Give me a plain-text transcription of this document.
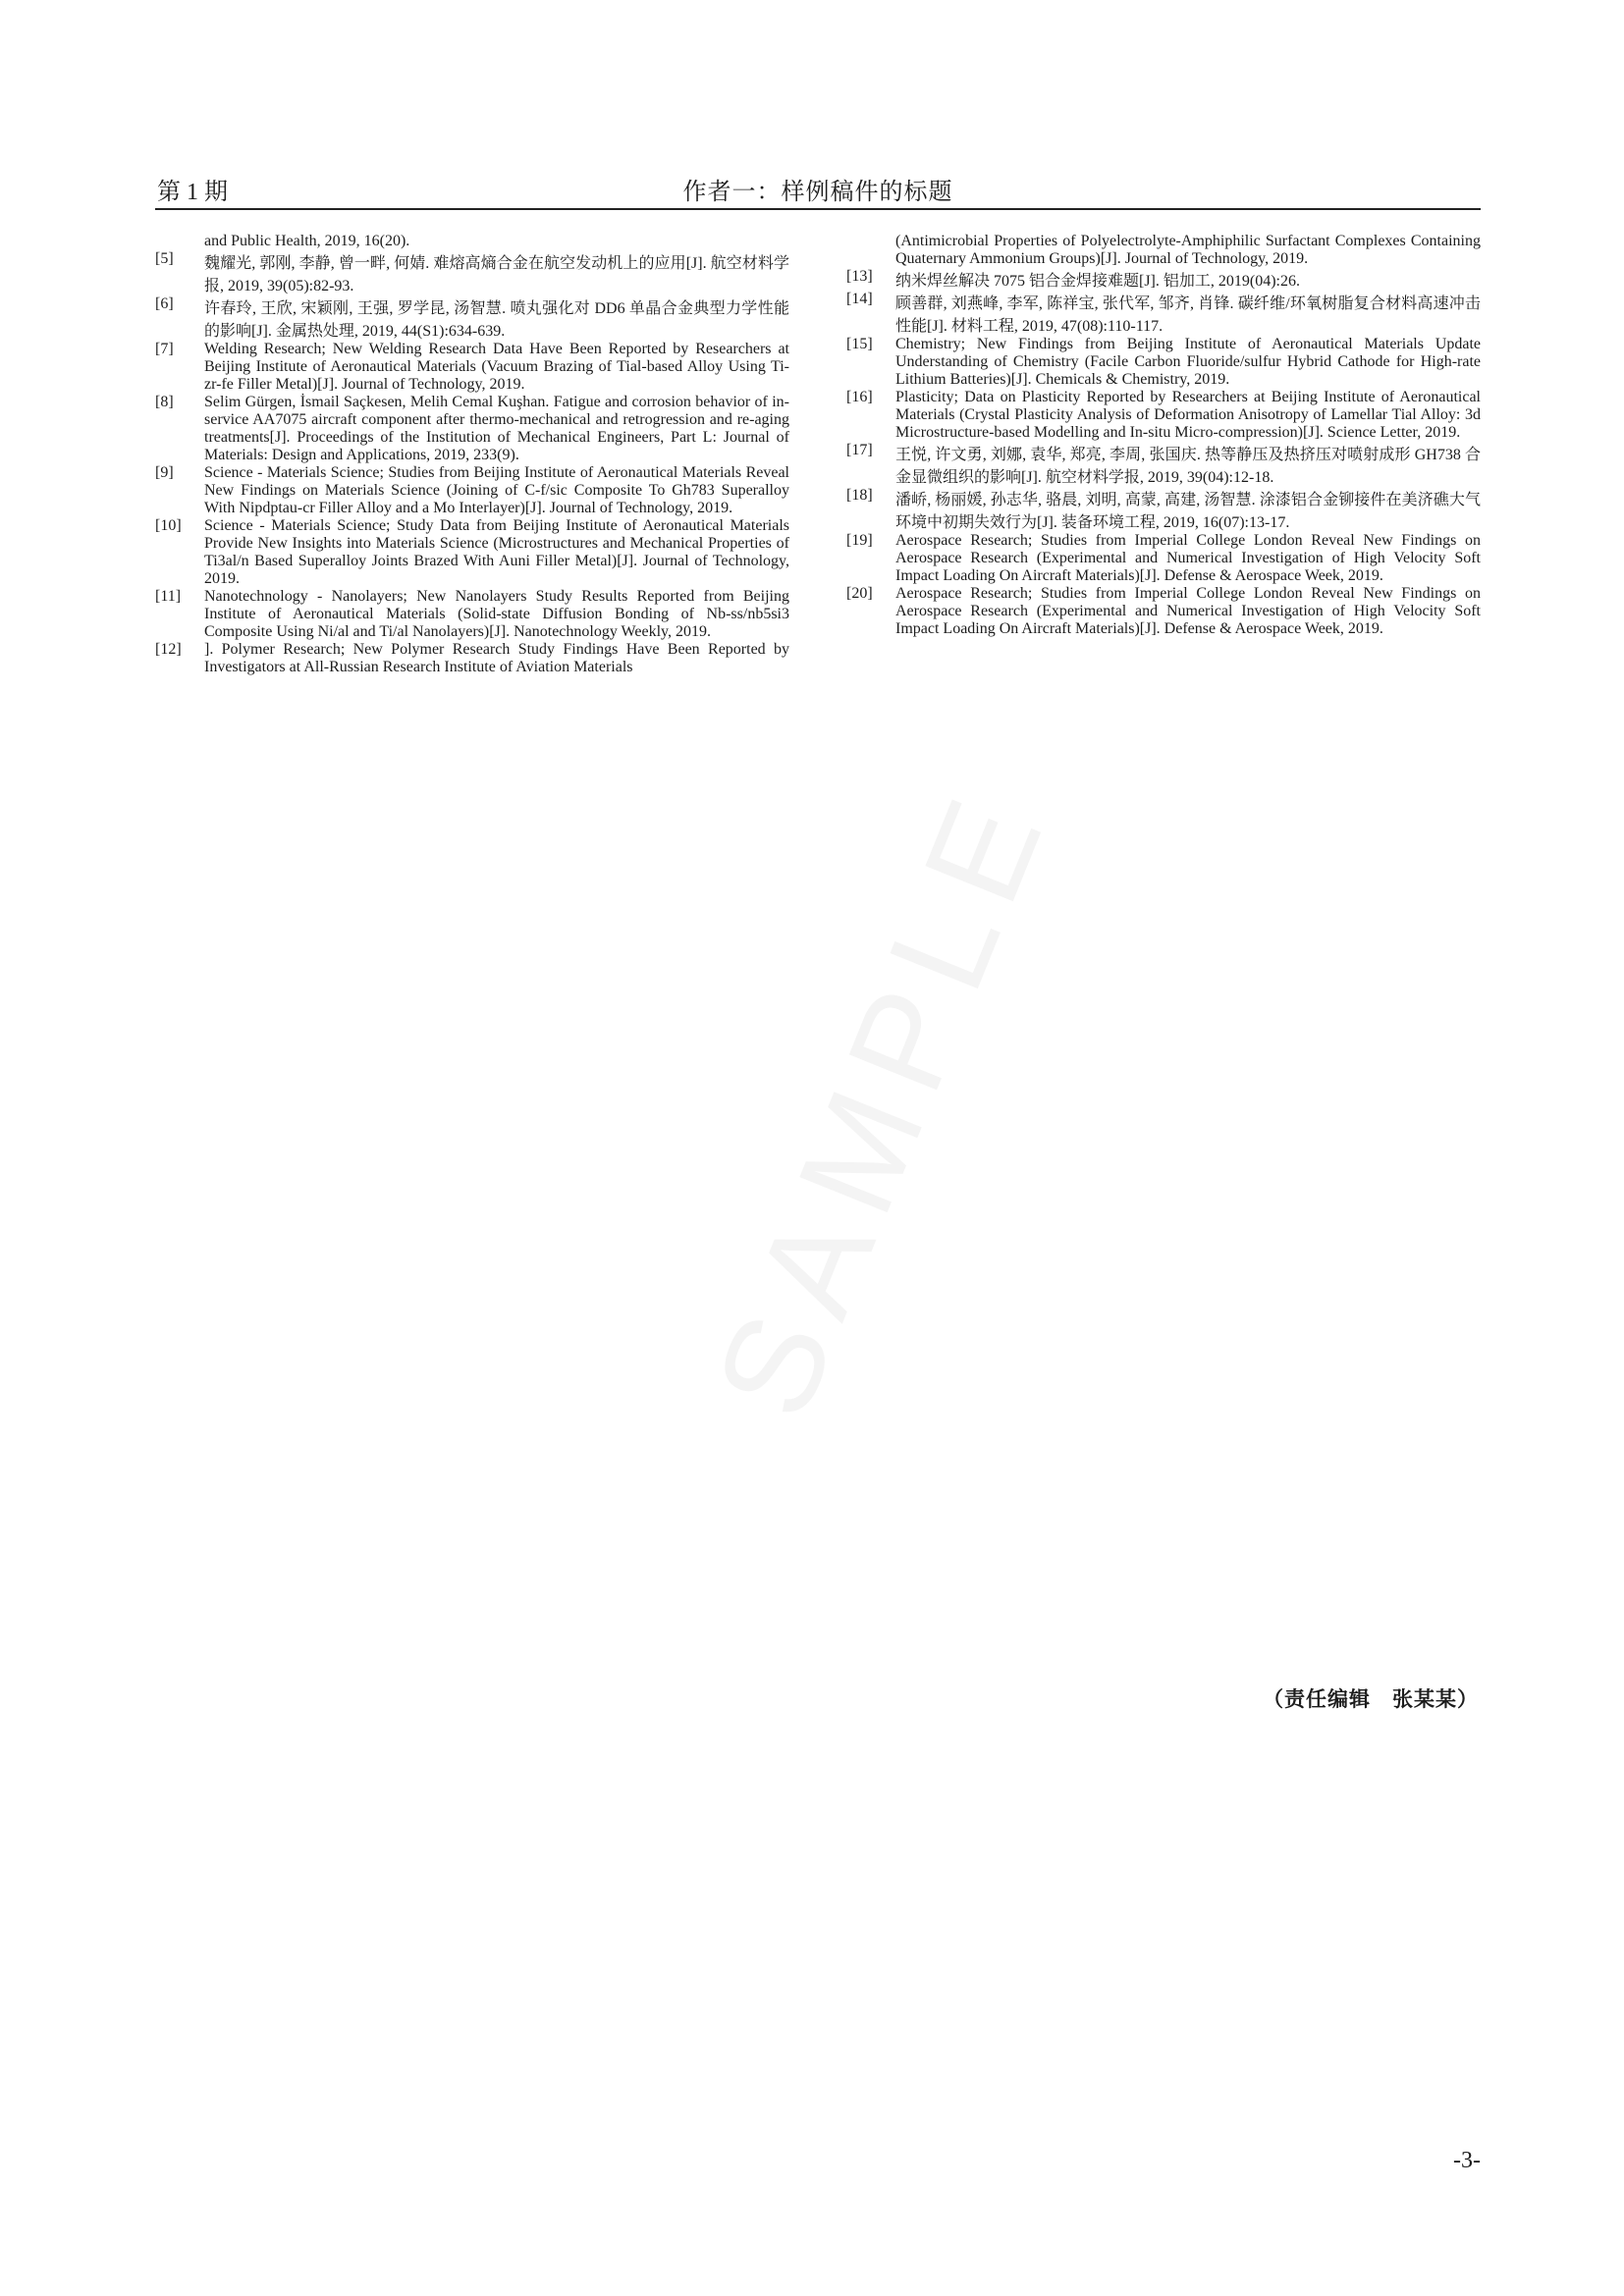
第 1 期	作者一：样例稿件的标题
and Public Health, 2019, 16(20).
[5] 魏耀光, 郭刚, 李静, 曾一畔, 何婧. 难熔高熵合金在航空发动机上的应用[J]. 航空材料学报, 2019, 39(05):82-93.
[6] 许春玲, 王欣, 宋颖刚, 王强, 罗学昆, 汤智慧. 喷丸强化对 DD6 单晶合金典型力学性能的影响[J]. 金属热处理, 2019, 44(S1):634-639.
[7] Welding Research; New Welding Research Data Have Been Reported by Researchers at Beijing Institute of Aeronautical Materials (Vacuum Brazing of Tial-based Alloy Using Ti-zr-fe Filler Metal)[J]. Journal of Technology, 2019.
[8] Selim Gürgen, İsmail Saçkesen, Melih Cemal Kuşhan. Fatigue and corrosion behavior of in-service AA7075 aircraft component after thermo-mechanical and retrogression and re-aging treatments[J]. Proceedings of the Institution of Mechanical Engineers, Part L: Journal of Materials: Design and Applications, 2019, 233(9).
[9] Science - Materials Science; Studies from Beijing Institute of Aeronautical Materials Reveal New Findings on Materials Science (Joining of C-f/sic Composite To Gh783 Superalloy With Nipdptau-cr Filler Alloy and a Mo Interlayer)[J]. Journal of Technology, 2019.
[10] Science - Materials Science; Study Data from Beijing Institute of Aeronautical Materials Provide New Insights into Materials Science (Microstructures and Mechanical Properties of Ti3al/n Based Superalloy Joints Brazed With Auni Filler Metal)[J]. Journal of Technology, 2019.
[11] Nanotechnology - Nanolayers; New Nanolayers Study Results Reported from Beijing Institute of Aeronautical Materials (Solid-state Diffusion Bonding of Nb-ss/nb5si3 Composite Using Ni/al and Ti/al Nanolayers)[J]. Nanotechnology Weekly, 2019.
[12] ]. Polymer Research; New Polymer Research Study Findings Have Been Reported by Investigators at All-Russian Research Institute of Aviation Materials
(Antimicrobial Properties of Polyelectrolyte-Amphiphilic Surfactant Complexes Containing Quaternary Ammonium Groups)[J]. Journal of Technology, 2019.
[13] 纳米焊丝解决 7075 铝合金焊接难题[J]. 铝加工, 2019(04):26.
[14] 顾善群, 刘燕峰, 李军, 陈祥宝, 张代军, 邹齐, 肖锋. 碳纤维/环氧树脂复合材料高速冲击性能[J]. 材料工程, 2019, 47(08):110-117.
[15] Chemistry; New Findings from Beijing Institute of Aeronautical Materials Update Understanding of Chemistry (Facile Carbon Fluoride/sulfur Hybrid Cathode for High-rate Lithium Batteries)[J]. Chemicals & Chemistry, 2019.
[16] Plasticity; Data on Plasticity Reported by Researchers at Beijing Institute of Aeronautical Materials (Crystal Plasticity Analysis of Deformation Anisotropy of Lamellar Tial Alloy: 3d Microstructure-based Modelling and In-situ Micro-compression)[J]. Science Letter, 2019.
[17] 王悦, 许文勇, 刘娜, 袁华, 郑亮, 李周, 张国庆. 热等静压及热挤压对喷射成形 GH738 合金显微组织的影响[J]. 航空材料学报, 2019, 39(04):12-18.
[18] 潘峤, 杨丽媛, 孙志华, 骆晨, 刘明, 高蒙, 高建, 汤智慧. 涂漆铝合金铆接件在美济礁大气环境中初期失效行为[J]. 装备环境工程, 2019, 16(07):13-17.
[19] Aerospace Research; Studies from Imperial College London Reveal New Findings on Aerospace Research (Experimental and Numerical Investigation of High Velocity Soft Impact Loading On Aircraft Materials)[J]. Defense & Aerospace Week, 2019.
[20] Aerospace Research; Studies from Imperial College London Reveal New Findings on Aerospace Research (Experimental and Numerical Investigation of High Velocity Soft Impact Loading On Aircraft Materials)[J]. Defense & Aerospace Week, 2019.
（责任编辑　张某某）
-3-
